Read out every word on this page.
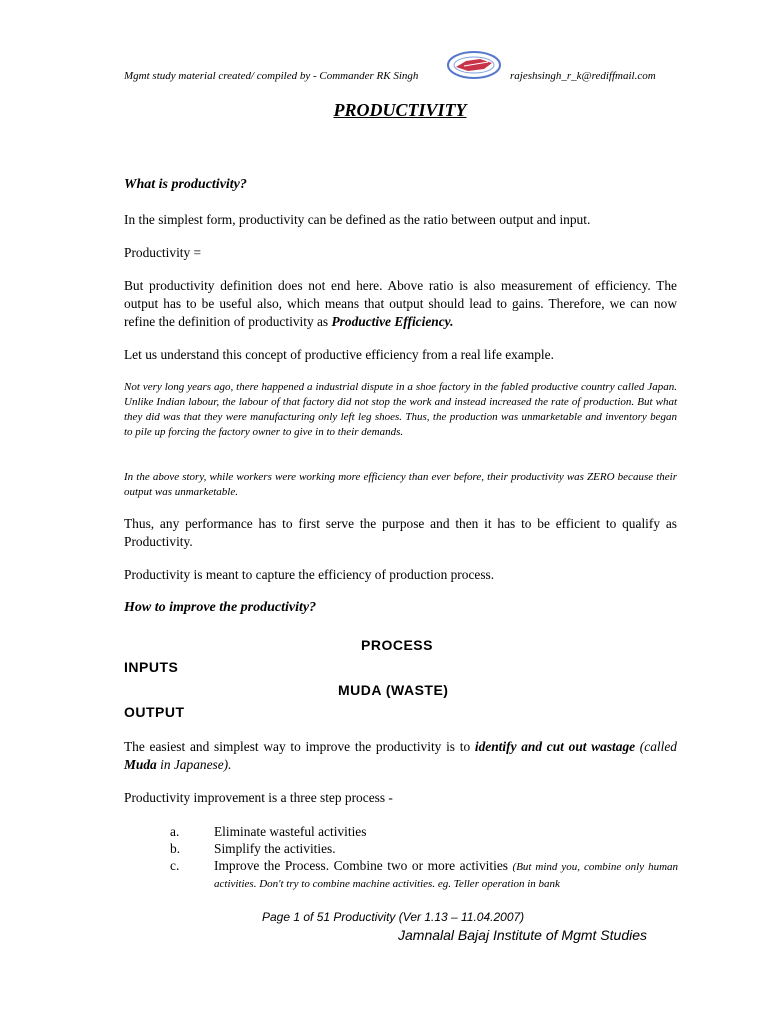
Mgmt study material created/ compiled by - Commander RK Singh	rajeshsingh_r_k@rediffmail.com
PRODUCTIVITY
What is productivity?
In the simplest form, productivity can be defined as the ratio between output and input.
Productivity =
But productivity definition does not end here. Above ratio is also measurement of efficiency. The output has to be useful also, which means that output should lead to gains. Therefore, we can now refine the definition of productivity as Productive Efficiency.
Let us understand this concept of productive efficiency from a real life example.
Not very long years ago, there happened a industrial dispute in a shoe factory in the fabled productive country called Japan. Unlike Indian labour, the labour of that factory did not stop the work and instead increased the rate of production. But what they did was that they were manufacturing only left leg shoes. Thus, the production was unmarketable and inventory began to pile up forcing the factory owner to give in to their demands.
In the above story, while workers were working more efficiency than ever before, their productivity was ZERO because their output was unmarketable.
Thus, any performance has to first serve the purpose and then it has to be efficient to qualify as Productivity.
Productivity is meant to capture the efficiency of production process.
How to improve the productivity?
PROCESS
INPUTS
MUDA (WASTE)
OUTPUT
The easiest and simplest way to improve the productivity is to identify and cut out wastage (called Muda in Japanese).
Productivity improvement is a three step process -
a.	Eliminate wasteful activities
b.	Simplify the activities.
c.	Improve the Process. Combine two or more activities (But mind you, combine only human activities. Don't try to combine machine activities. eg. Teller operation in bank
Page 1 of 51 Productivity (Ver 1.13 – 11.04.2007)
Jamnalal Bajaj Institute of Mgmt Studies
